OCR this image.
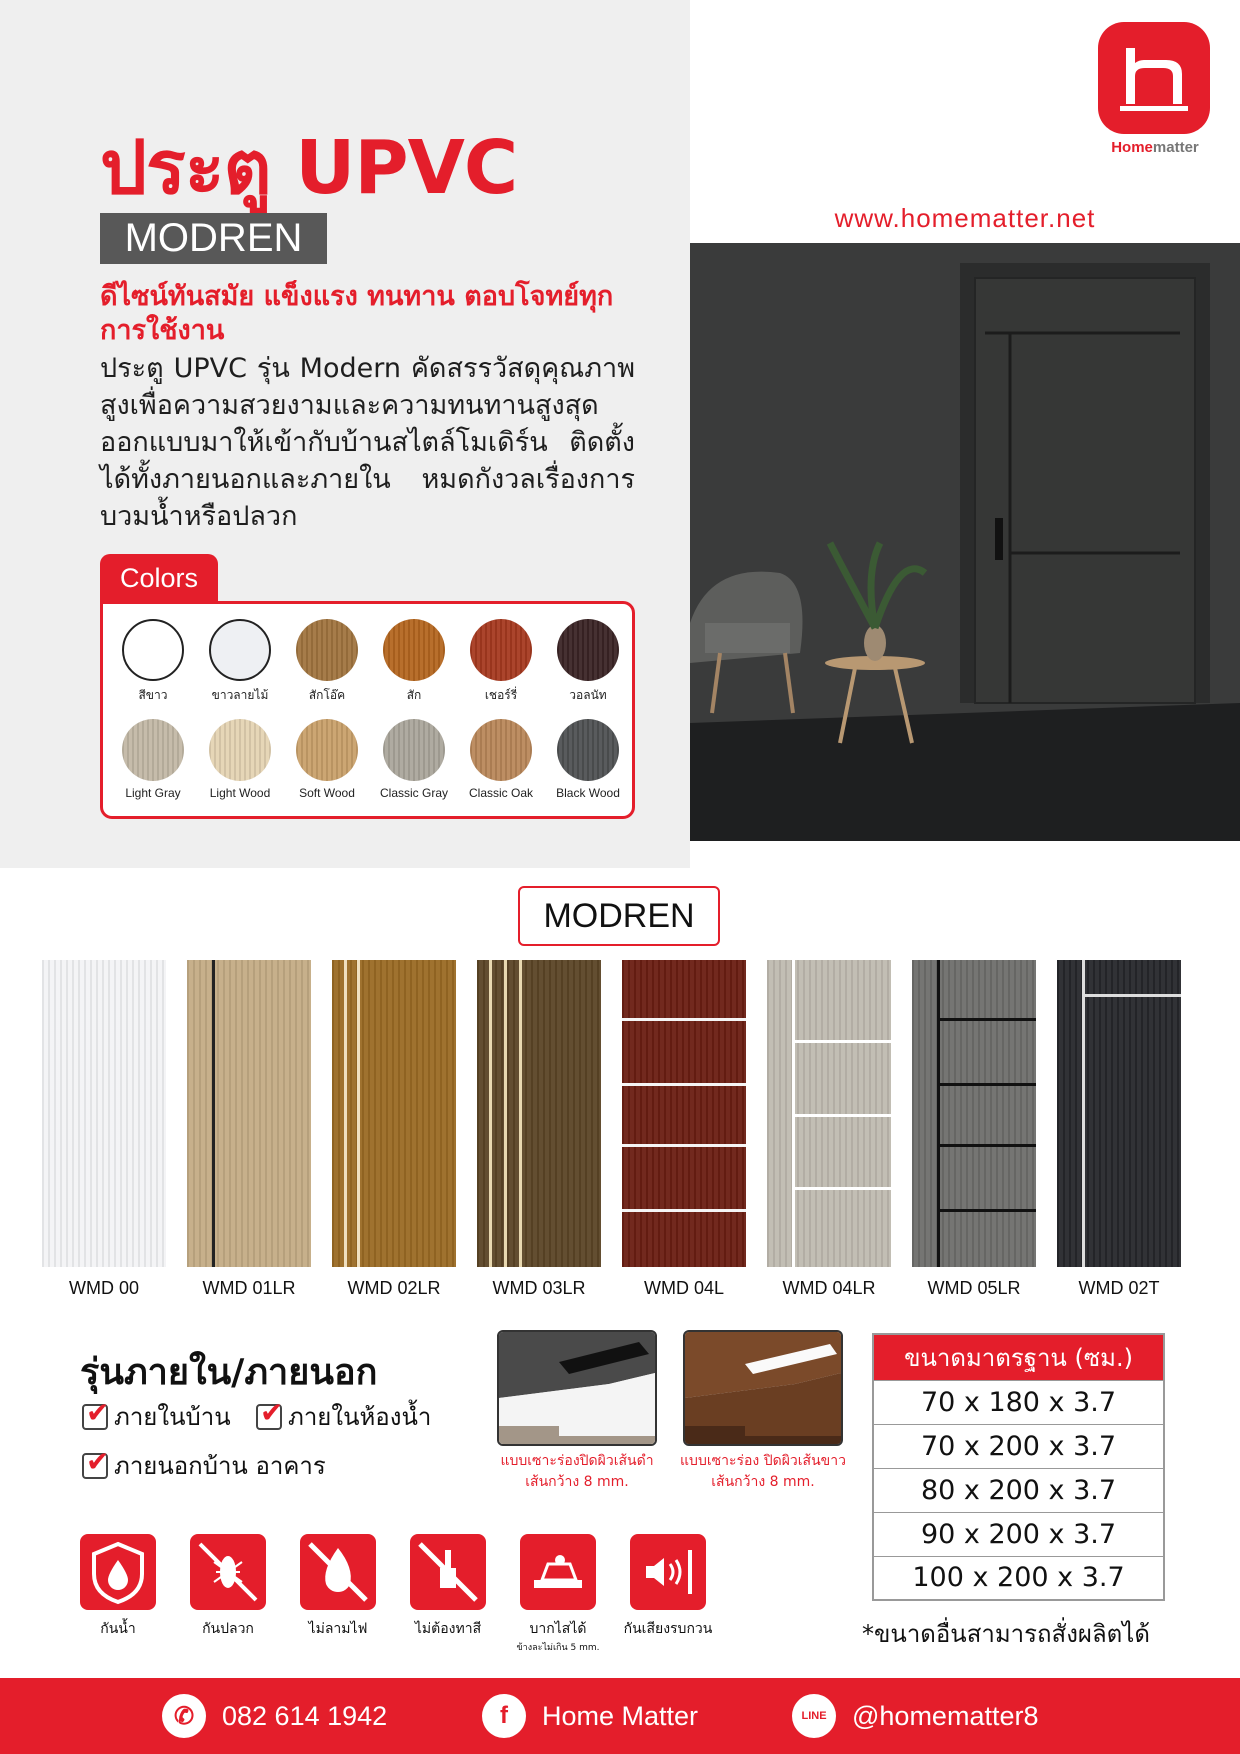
ประตู UPVC
MODREN
ดีไซน์ทันสมัย แข็งแรง ทนทาน ตอบโจทย์ทุกการใช้งาน
ประตู UPVC รุ่น Modern คัดสรรวัสดุคุณภาพสูงเพื่อความสวยงามและความทนทานสูงสุด ออกแบบมาให้เข้ากับบ้านสไตล์โมเดิร์น ติดตั้งได้ทั้งภายนอกและภายใน หมดกังวลเรื่องการบวมน้ำหรือปลวก
Colors
สีขาว	ขาวลายไม้	สักโอ๊ค	สัก	เชอร์รี่	วอลนัท
Light Gray	Light Wood	Soft Wood	Classic Gray	Classic Oak	Black Wood
Homematter
www.homematter.net
MODREN
WMD 00	WMD 01LR	WMD 02LR	WMD 03LR	WMD 04L	WMD 04LR	WMD 05LR	WMD 02T
รุ่นภายใน/ภายนอก
✔
ภายในบ้าน
✔ ภายในห้องน้ำ
✔
ภายนอกบ้าน อาคาร	แบบเซาะร่องปิดผิวเส้นดำ
เส้นกว้าง 8 mm.
แบบเซาะร่อง ปิดผิวเส้นขาว
เส้นกว้าง 8 mm.
ขนาดมาตรฐาน (ซม.)
70 x 180 x 3.7
70 x 200 x 3.7
80 x 200 x 3.7
90 x 200 x 3.7
100 x 200 x 3.7
*ขนาดอื่นสามารถสั่งผลิตได้
กันน้ำ	กันปลวก	ไม่ลามไฟ	ไม่ต้องทาสี	บากไสได้
ข้างละไม่เกิน 5 mm.
กันเสียงรบกวน
✆	082 614 1942	f	Home Matter	LINE @homematter8
